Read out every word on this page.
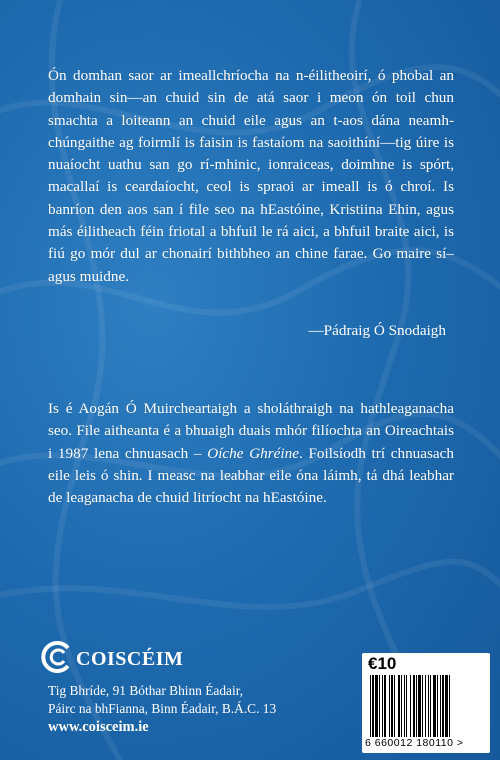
Ón domhan saor ar imeallchríocha na n-éilitheoirí, ó phobal an domhain sin—an chuid sin de atá saor i meon ón toil chun smachta a loiteann an chuid eile agus an t-aos dána neamh-chúngaithe ag foirmlí is faisin is fastaíom na saoithíní—tig úire is nuaíocht uathu san go rí-mhinic, ionraiceas, doimhne is spórt, macallaí is ceardaíocht, ceol is spraoi ar imeall is ó chroí. Is banríon den aos san í file seo na hEastóine, Kristiina Ehin, agus más éilitheach féin friotal a bhfuil le rá aici, a bhfuil braite aici, is fiú go mór dul ar chonairí bithbheo an chine farae. Go maire sí–agus muidne.

—Pádraig Ó Snodaigh

Is é Aogán Ó Muircheartaigh a sholáthraigh na hathleaganacha seo. File aitheanta é a bhuaigh duais mhór filíochta an Oireachtais i 1987 lena chnuasach – Oíche Ghréine. Foilsíodh trí chnuasach eile leis ó shin. I measc na leabhar eile óna láimh, tá dhá leabhar de leaganacha de chuid litríocht na hEastóine.

COISCÉIM

Tig Bhríde, 91 Bóthar Bhinn Éadair,
Páirc na bhFianna, Binn Éadair, B.Á.C. 13

www.coisceim.ie

€10
6 660012 180110 >
